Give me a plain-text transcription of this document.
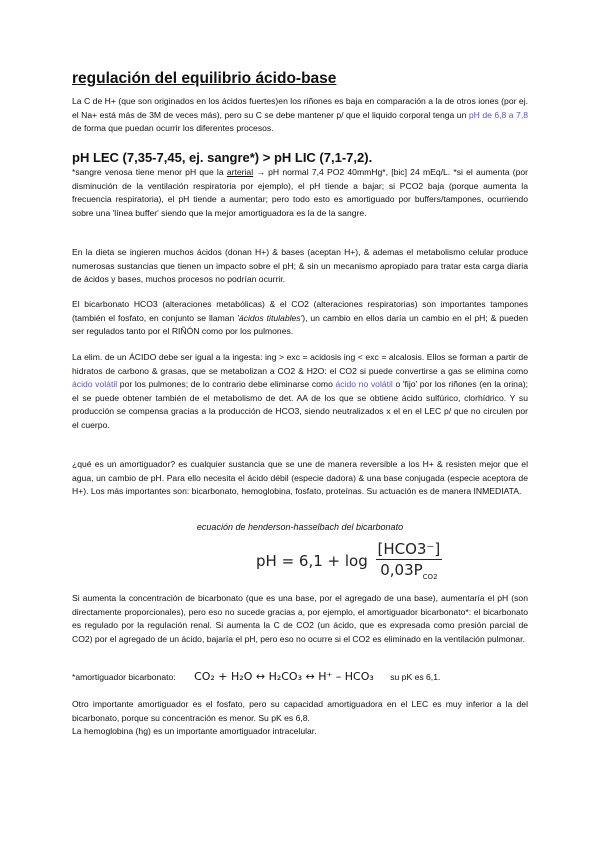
regulación del equilibrio ácido-base
La C de H+ (que son originados en los ácidos fuertes)en los riñones es baja en comparación a la de otros iones (por ej. el Na+ está más de 3M de veces más), pero su C se debe mantener p/ que el liquido corporal tenga un pH de 6,8 a 7,8 de forma que puedan ocurrir los diferentes procesos.
pH LEC (7,35-7,45, ej. sangre*) > pH LIC (7,1-7,2).
*sangre venosa tiene menor pH que la arterial → pH normal 7,4 PO2 40mmHg*, [bic] 24 mEq/L. *si el aumenta (por disminución de la ventilación respiratoria por ejemplo), el pH tiende a bajar; si PCO2 baja (porque aumenta la frecuencia respiratoria), el pH tiende a aumentar; pero todo esto es amortiguado por buffers/tampones, ocurriendo sobre una 'línea buffer' siendo que la mejor amortiguadora es la de la sangre.
En la dieta se ingieren muchos ácidos (donan H+) & bases (aceptan H+), & ademas el metabolismo celular produce numerosas sustancias que tienen un impacto sobre el pH; & sin un mecanismo apropiado para tratar esta carga diaria de ácidos y bases, muchos procesos no podrían ocurrir.
El bicarbonato HCO3 (alteraciones metabólicas) & el CO2 (alteraciones respiratorias) son importantes tampones (también el fosfato, en conjunto se llaman 'ácidos titulables'), un cambio en ellos daría un cambio en el pH; & pueden ser regulados tanto por el RIÑÓN como por los pulmones.
La elim. de un ÁCIDO debe ser igual a la ingesta: ing > exc = acidosis ing < exc = alcalosis. Ellos se forman a partir de hidratos de carbono & grasas, que se metabolizan a CO2 & H2O: el CO2 si puede convertirse a gas se elimina como ácido volátil por los pulmones; de lo contrario debe eliminarse como ácido no volátil o 'fijo' por los riñones (en la orina); el se puede obtener también de el metabolismo de det. AA de los que se obtiene ácido sulfúrico, clorhídrico. Y su producción se compensa gracias a la producción de HCO3, siendo neutralizados x el en el LEC p/ que no circulen por el cuerpo.
¿qué es un amortiguador? es cualquier sustancia que se une de manera reversible a los H+ & resisten mejor que el agua, un cambio de pH. Para ello necesita el ácido débil (especie dadora) & una base conjugada (especie aceptora de H+). Los más importantes son: bicarbonato, hemoglobina, fosfato, proteínas. Su actuación es de manera INMEDIATA.
ecuación de henderson-hasselbach del bicarbonato
pH = $6,1 + \log \frac{\text{[HCO3⁻]}}{0,03P_{CO2}}$
Si aumenta la concentración de bicarbonato (que es una base, por el agregado de una base), aumentaría el pH (son directamente proporcionales), pero eso no sucede gracias a, por ejemplo, el amortiguador bicarbonato*: el bicarbonato es regulado por la regulación renal. Si aumenta la C de CO2 (un ácido, que es expresada como presión parcial de CO2) por el agregado de un ácido, bajaría el pH, pero eso no ocurre si el CO2 es eliminado en la ventilación pulmonar.
*amortiguador bicarbonato: CO₂ + H₂O ↔ H₂CO₃ ↔ H⁺ – HCO₃ su pK es 6,1.
Otro importante amortiguador es el fosfato, pero su capacidad amortiguadora en el LEC es muy inferior a la del bicarbonato, porque su concentración es menor. Su pK es 6,8.
La hemoglobina (hg) es un importante amortiguador intracelular.
